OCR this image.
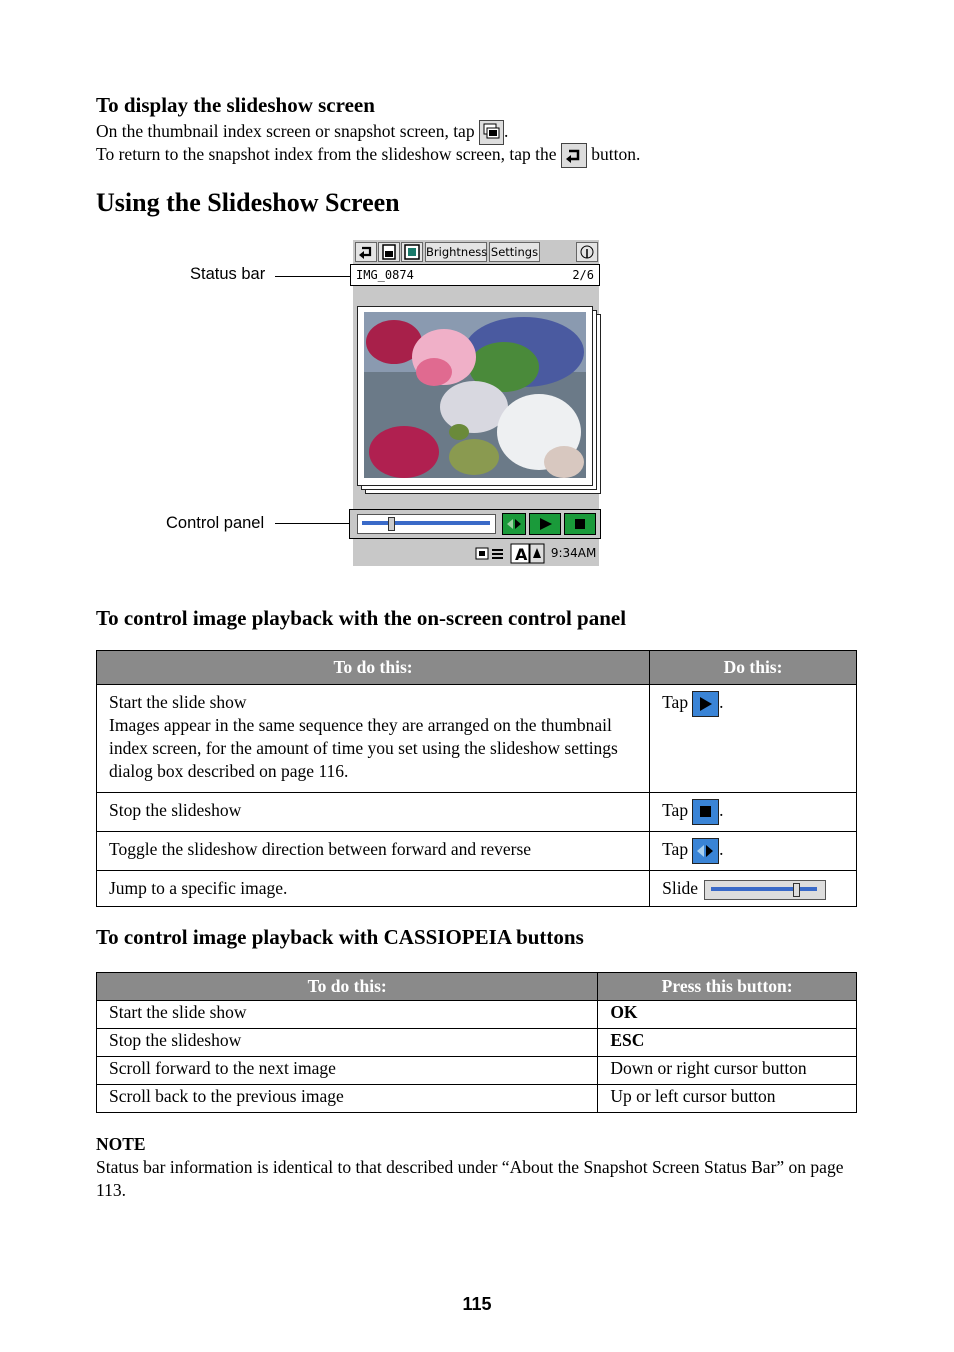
To display the slideshow screen
On the thumbnail index screen or snapshot screen, tap .
To return to the snapshot index from the slideshow screen, tap the button.
Using the Slideshow Screen
Status bar
Control panel
Brightness Settings
IMG_0874	2/6
A 9:34AM
To control image playback with the on-screen control panel
To do this:	Do this:

Start the slide show
Images appear in the same sequence they are arranged on the thumbnail index screen, for the amount of time you set using the slideshow settings dialog box described on page 116.	Tap .
Stop the slideshow	Tap .
Toggle the slideshow direction between forward and reverse	Tap .
Jump to a specific image.	Slide
To control image playback with CASSIOPEIA buttons
To do this:	Press this button:
Start the slide show	OK
Stop the slideshow	ESC
Scroll forward to the next image	Down or right cursor button
Scroll back to the previous image	Up or left cursor button
NOTE
Status bar information is identical to that described under “About the Snapshot Screen Status Bar” on page 113.
115
